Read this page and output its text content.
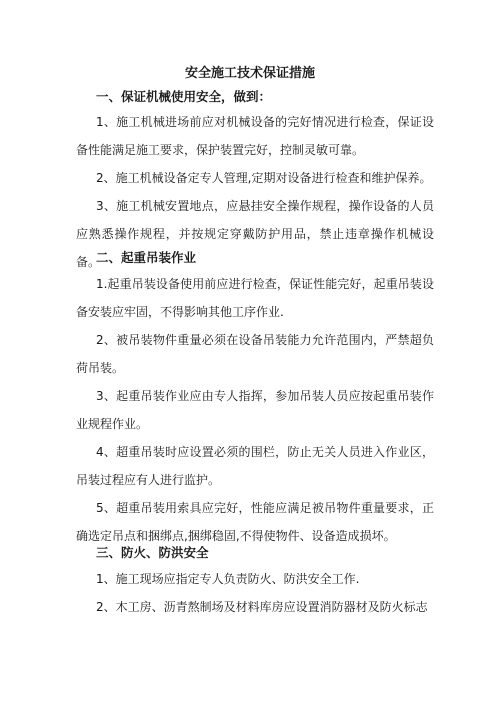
安全施工技术保证措施
一、保证机械使用安全，做到：
1、施工机械进场前应对机械设备的完好情况进行检查，保证设备性能满足施工要求，保护装置完好，控制灵敏可靠。
2、施工机械设备定专人管理,定期对设备进行检查和维护保养。
3、施工机械安置地点，应悬挂安全操作规程，操作设备的人员应熟悉操作规程，并按规定穿戴防护用品，禁止违章操作机械设备。
二、起重吊装作业
1.起重吊装设备使用前应进行检查，保证性能完好，起重吊装设备安装应牢固，不得影响其他工序作业.
2、被吊装物件重量必须在设备吊装能力允许范围内，严禁超负荷吊装。
3、起重吊装作业应由专人指挥，参加吊装人员应按起重吊装作业规程作业。
4、超重吊装时应设置必须的围栏，防止无关人员进入作业区，吊装过程应有人进行监护。
5、超重吊装用索具应完好，性能应满足被吊物件重量要求，正确选定吊点和捆绑点,捆绑稳固,不得使物件、设备造成损坏。
三、防火、防洪安全
1、施工现场应指定专人负责防火、防洪安全工作.
2、木工房、沥青熬制场及材料库房应设置消防器材及防火标志
